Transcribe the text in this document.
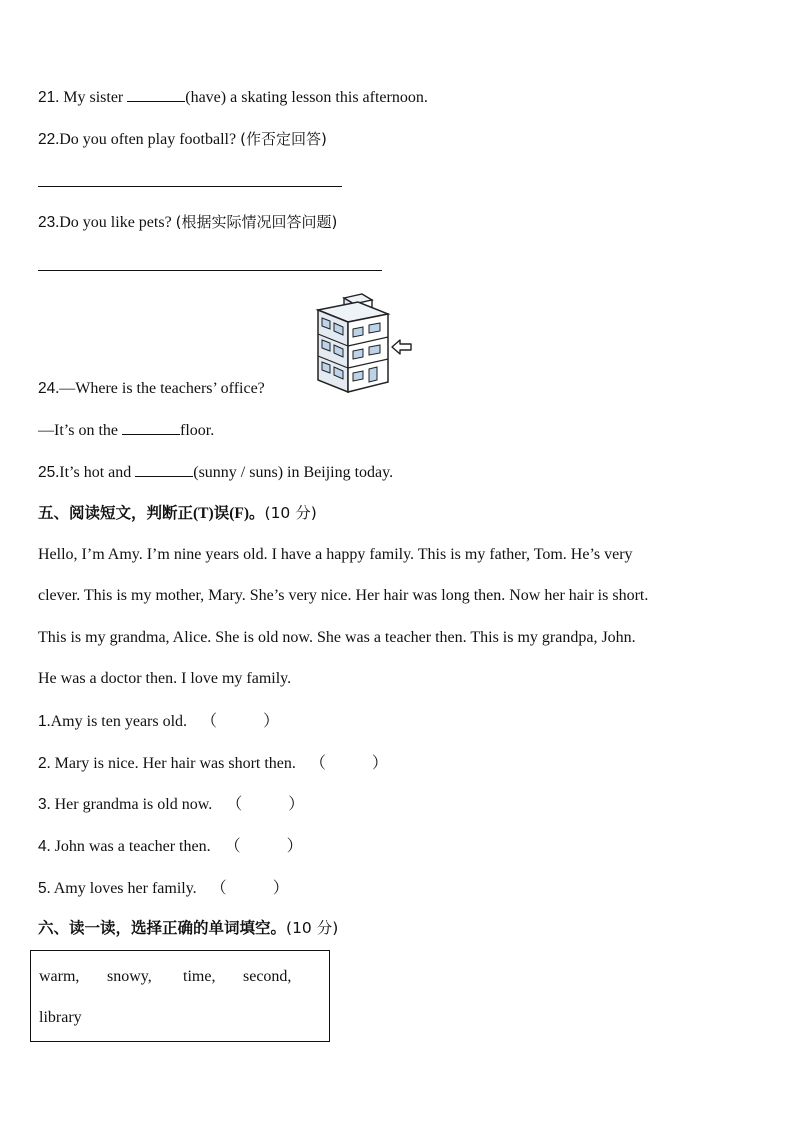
21. My sister	(have) a skating lesson this afternoon.
22.Do you often play football? (作否定回答)
23.Do you like pets? (根据实际情况回答问题)
24.—Where is the teachers’ office?
—It’s on the	floor.
25.It’s hot and	(sunny / suns) in Beijing today.
五、阅读短文，判断正(T)误(F)。(10 分)
Hello, I’m Amy. I’m nine years old. I have a happy family. This is my father, Tom. He’s very
clever. This is my mother, Mary. She’s very nice. Her hair was long then. Now her hair is short.
This is my grandma, Alice. She is old now. She was a teacher then. This is my grandpa, John.
He was a doctor then. I love my family.
1.Amy is ten years old. （	）
2. Mary is nice. Her hair was short then. （	）
3. Her grandma is old now. （	）
4. John was a teacher then. （	）
5. Amy loves her family. （	）
六、读一读，选择正确的单词填空。(10 分)
warm, snowy, time, second,
library
